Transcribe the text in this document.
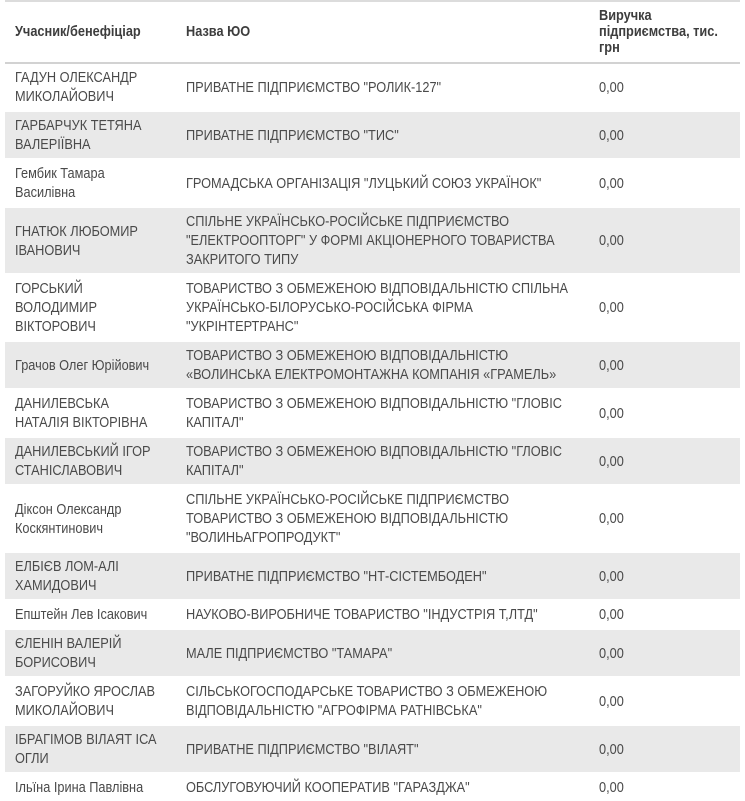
Учасник/бенефіціар	Назва ЮО	Виручка підприємства, тис. грн
ГАДУН ОЛЕКСАНДР МИКОЛАЙОВИЧ	ПРИВАТНЕ ПІДПРИЄМСТВО "РОЛИК-127"	0,00
ГАРБАРЧУК ТЕТЯНА ВАЛЕРІЇВНА	ПРИВАТНЕ ПІДПРИЄМСТВО "ТИС"	0,00
Гембик Тамара Василівна	ГРОМАДСЬКА ОРГАНІЗАЦІЯ "ЛУЦЬКИЙ СОЮЗ УКРАЇНОК"	0,00
ГНАТЮК ЛЮБОМИР ІВАНОВИЧ	СПІЛЬНЕ УКРАЇНСЬКО-РОСІЙСЬКЕ ПІДПРИЄМСТВО "ЕЛЕКТРООПТОРГ" У ФОРМІ АКЦІОНЕРНОГО ТОВАРИСТВА ЗАКРИТОГО ТИПУ	0,00
ГОРСЬКИЙ ВОЛОДИМИР ВІКТОРОВИЧ	ТОВАРИСТВО З ОБМЕЖЕНОЮ ВІДПОВІДАЛЬНІСТЮ СПІЛЬНА УКРАЇНСЬКО-БІЛОРУСЬКО-РОСІЙСЬКА ФІРМА "УКРІНТЕРТРАНС"	0,00
Грачов Олег Юрійович	ТОВАРИСТВО З ОБМЕЖЕНОЮ ВІДПОВІДАЛЬНІСТЮ «ВОЛИНСЬКА ЕЛЕКТРОМОНТАЖНА КОМПАНІЯ «ГРАМЕЛЬ»	0,00
ДАНИЛЕВСЬКА НАТАЛІЯ ВІКТОРІВНА	ТОВАРИСТВО З ОБМЕЖЕНОЮ ВІДПОВІДАЛЬНІСТЮ "ГЛОВІС КАПІТАЛ"	0,00
ДАНИЛЕВСЬКИЙ ІГОР СТАНІСЛАВОВИЧ	ТОВАРИСТВО З ОБМЕЖЕНОЮ ВІДПОВІДАЛЬНІСТЮ "ГЛОВІС КАПІТАЛ"	0,00
Діксон Олександр Коскянтинович	СПІЛЬНЕ УКРАЇНСЬКО-РОСІЙСЬКЕ ПІДПРИЄМСТВО ТОВАРИСТВО З ОБМЕЖЕНОЮ ВІДПОВІДАЛЬНІСТЮ "ВОЛИНЬАГРОПРОДУКТ"	0,00
ЕЛБІЄВ ЛОМ-АЛІ ХАМИДОВИЧ	ПРИВАТНЕ ПІДПРИЄМСТВО "НТ-СІСТЕМБОДЕН"	0,00
Епштейн Лев Ісакович	НАУКОВО-ВИРОБНИЧЕ ТОВАРИСТВО "ІНДУСТРІЯ Т,ЛТД"	0,00
ЄЛЕНІН ВАЛЕРІЙ БОРИСОВИЧ	МАЛЕ ПІДПРИЄМСТВО "ТАМАРА"	0,00
ЗАГОРУЙКО ЯРОСЛАВ МИКОЛАЙОВИЧ	СІЛЬСЬКОГОСПОДАРСЬКЕ ТОВАРИСТВО З ОБМЕЖЕНОЮ ВІДПОВІДАЛЬНІСТЮ "АГРОФІРМА РАТНІВСЬКА"	0,00
ІБРАГІМОВ ВІЛАЯТ ІСА ОГЛИ	ПРИВАТНЕ ПІДПРИЄМСТВО "ВІЛАЯТ"	0,00
Ільїна Ірина Павлівна	ОБСЛУГОВУЮЧИЙ КООПЕРАТИВ "ГАРАЗДЖА"	0,00
